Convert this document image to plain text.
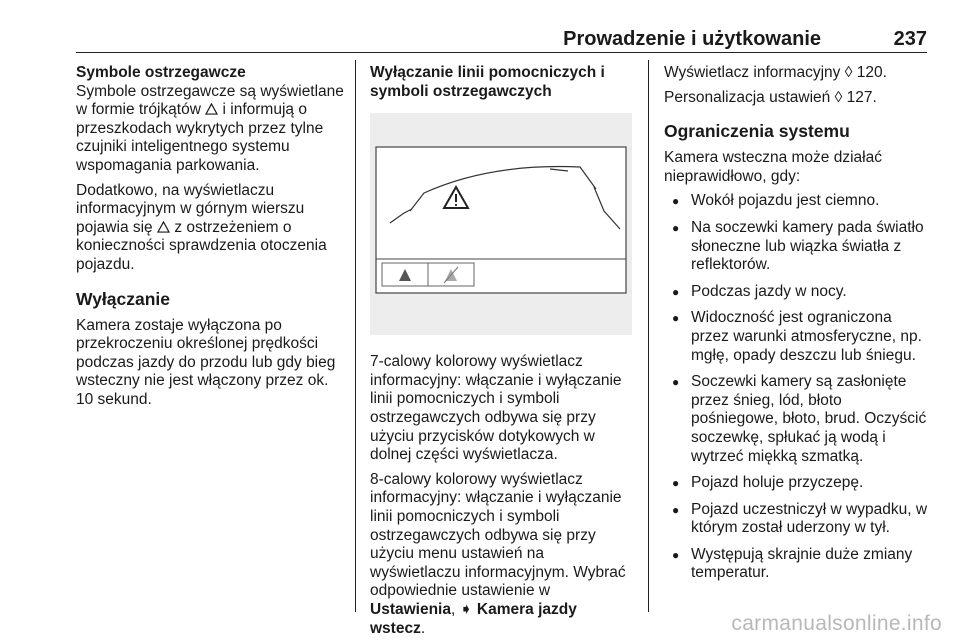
Prowadzenie i użytkowanie	237

Symbole ostrzegawcze

Symbole ostrzegawcze są wyświetlane w formie trójkątów i informują o przeszkodach wykrytych przez tylne czujniki inteligentnego systemu wspomagania parkowania.

Dodatkowo, na wyświetlaczu informacyjnym w górnym wierszu pojawia się z ostrzeżeniem o konieczności sprawdzenia otoczenia pojazdu.

Wyłączanie

Kamera zostaje wyłączona po przekroczeniu określonej prędkości podczas jazdy do przodu lub gdy bieg wsteczny nie jest włączony przez ok. 10 sekund.

Wyłączanie linii pomocniczych i symboli ostrzegawczych

7-calowy kolorowy wyświetlacz informacyjny: włączanie i wyłączanie linii pomocniczych i symboli ostrzegawczych odbywa się przy użyciu przycisków dotykowych w dolnej części wyświetlacza.

8-calowy kolorowy wyświetlacz informacyjny: włączanie i wyłączanie linii pomocniczych i symboli ostrzegawczych odbywa się przy użyciu menu ustawień na wyświetlaczu informacyjnym. Wybrać odpowiednie ustawienie w Ustawienia, ➧ Kamera jazdy wstecz.

Wyświetlacz informacyjny ◊ 120.

Personalizacja ustawień ◊ 127.

Ograniczenia systemu

Kamera wsteczna może działać nieprawidłowo, gdy:

● Wokół pojazdu jest ciemno.
● Na soczewki kamery pada światło słoneczne lub wiązka światła z reflektorów.
● Podczas jazdy w nocy.
● Widoczność jest ograniczona przez warunki atmosferyczne, np. mgłę, opady deszczu lub śniegu.
● Soczewki kamery są zasłonięte przez śnieg, lód, błoto pośniegowe, błoto, brud. Oczyścić soczewkę, spłukać ją wodą i wytrzeć miękką szmatką.
● Pojazd holuje przyczepę.
● Pojazd uczestniczył w wypadku, w którym został uderzony w tył.
● Występują skrajnie duże zmiany temperatur.
carmanualsonline.info
